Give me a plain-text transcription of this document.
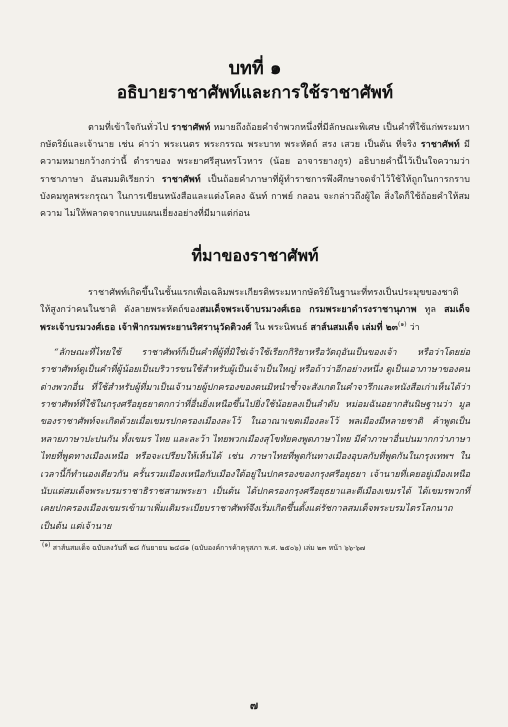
บทที่ ๑
อธิบายราชาศัพท์และการใช้ราชาศัพท์

ตามที่เข้าใจกันทั่วไป ราชาศัพท์ หมายถึงถ้อยคำจำพวกหนึ่งที่มีลักษณะพิเศษ เป็นคำที่ใช้แก่พระมหากษัตริย์และเจ้านาย เช่น ค่าว่า พระเนตร พระกรรณ พระบาท พระหัตถ์ สรง เสวย เป็นต้น ที่จริง ราชาศัพท์ มีความหมายกว้างกว่านี้ ตำราของ พระยาศรีสุนทรโวหาร (น้อย อาจารยางกูร) อธิบายคำนี้ไว้เป็นใจความว่า ราชาภาษา อันสมมติเรียกว่า ราชาศัพท์ เป็นถ้อยคำภาษาที่ผู้ทำราชการพึงศึกษาจดจำไว้ใช้ให้ถูกในการกราบบังคมทูลพระกรุณา ในการเขียนหนังสือและแต่งโคลง ฉันท์ กาพย์ กลอน จะกล่าวถึงผู้ใด สิ่งใดก็ใช้ถ้อยคำให้สมความ ไม่ให้พลาดจากแบบแผนเยี่ยงอย่างที่มีมาแต่ก่อน

ที่มาของราชาศัพท์

ราชาศัพท์เกิดขึ้นในชั้นแรกเพื่อเฉลิมพระเกียรติพระมหากษัตริย์ในฐานะที่ทรงเป็นประมุขของชาติ ให้สูงกว่าคนในชาติ ดังลายพระหัตถ์ของสมเด็จพระเจ้าบรมวงศ์เธอ กรมพระยาดำรงราชานุภาพ ทูล สมเด็จพระเจ้าบรมวงศ์เธอ เจ้าฟ้ากรมพระยานริศรานุวัดติวงศ์ ใน พระนิพนธ์ สาส์นสมเด็จ เล่มที่ ๒๓$^{(๑)}$ ว่า

“ลักษณะที่ไทยใช้ ราชาศัพท์ก็เป็นคำที่ผู้ที่มิใช่เจ้าใช้เรียกกิริยาหรือวัตถุอันเป็นของเจ้า หรือว่าโดยย่อ ราชาศัพท์ดูเป็นคำที่ผู้น้อยเป็นบริวารขนใช้สำหรับผู้เป็นเจ้าเป็นใหญ่ หรือถ้าว่าอีกอย่างหนึ่ง ดูเป็นเอาภาษาของคนต่างพวกอื่น ที่ใช้สำหรับผู้ที่มาเป็นเจ้านายผู้ปกครองของตนมิหนำซ้ำจะสังเกตในคำจารึกและหนังสือเก่าเห็นได้ว่า ราชาศัพท์ที่ใช้ในกรุงศรีอยุธยาตกกว่าที่อื่นยิ่งเหนือขึ้นไปยิ่งใช้น้อยลงเป็นลำดับ หม่อมฉันอยากสันนิษฐานว่า มูลของราชาศัพท์จะเกิดด้วยเมื่อเขมรปกครองเมืองละโว้ ในอาณาเขตเมืองละโว้ พลเมืองมีหลายชาติ ค้าพูดเป็นหลายภาษาปะปนกัน ทั้งเขมร ไทย และละว้า ไทยพวกเมืองสุโขทัยคงพูดภาษาไทย มีคำภาษาอื่นปนมากกว่าภาษาไทยที่พูดทางเมืองเหนือ หรือจะเปรียบให้เห็นได้ เช่น ภาษาไทยที่พูดกันทางเมืองอุบลกับที่พูดกันในกรุงเทพฯ ในเวลานี้ก็ทำนองเดียวกัน ครั้นรวมเมืองเหนือกับเมืองใต้อยู่ในปกครองของกรุงศรีอยุธยา เจ้านายที่เคยอยู่เมืองเหนือนับแต่สมเด็จพระบรมราชาธิราชสามพระยา เป็นต้น ได้ปกครองกรุงศรีอยุธยาและตีเมืองเขมรได้ ได้เขมรพวกที่เคยปกครองเมืองเขมรเข้ามาเพิ่มเติมระเบียบราชาศัพท์จึงเริ่มเกิดขึ้นตั้งแต่รัชกาลสมเด็จพระบรมไตรโลกนาถ เป็นต้น แต่เจ้านาย

$^{(๑)}$ สาส์นสมเด็จ ฉบับลงวันที่ ๒๘ กันยายน ๒๔๘๑ (ฉบับองค์การค้าคุรุสภา พ.ศ. ๒๕๐๖) เล่ม ๒๓ หน้า ๖๖-๖๗
๗
